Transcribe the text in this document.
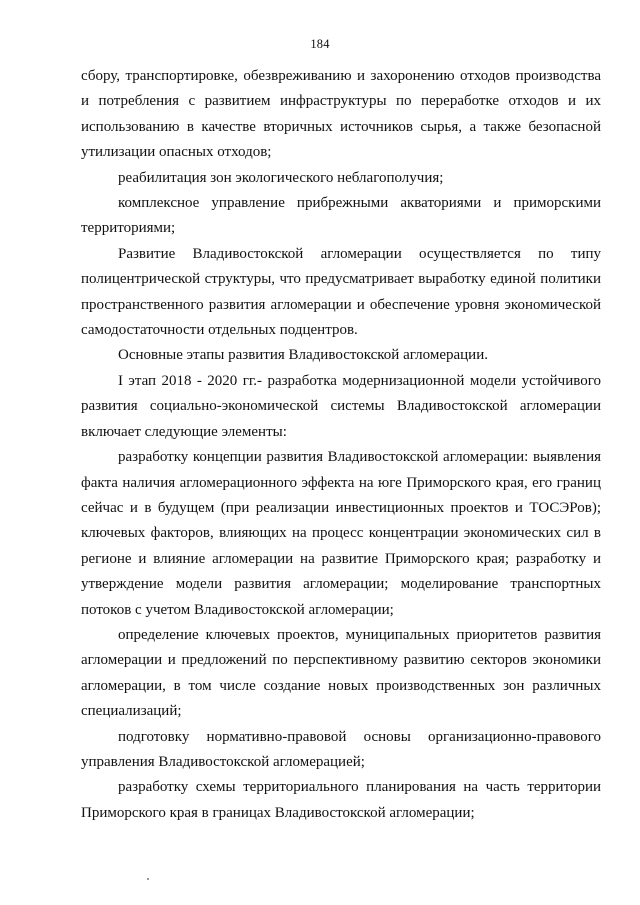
184

сбору, транспортировке, обезвреживанию и захоронению отходов производства и потребления с развитием инфраструктуры по переработке отходов и их использованию в качестве вторичных источников сырья, а также безопасной утилизации опасных отходов;

реабилитация зон экологического неблагополучия;

комплексное управление прибрежными акваториями и приморскими территориями;

Развитие Владивостокской агломерации осуществляется по типу полицентрической структуры, что предусматривает выработку единой политики пространственного развития агломерации и обеспечение уровня экономической самодостаточности отдельных подцентров.

Основные этапы развития Владивостокской агломерации.

I этап 2018 - 2020 гг.- разработка модернизационной модели устойчивого развития социально-экономической системы Владивостокской агломерации включает следующие элементы:

разработку концепции развития Владивостокской агломерации: выявления факта наличия агломерационного эффекта на юге Приморского края, его границ сейчас и в будущем (при реализации инвестиционных проектов и ТОСЭРов); ключевых факторов, влияющих на процесс концентрации экономических сил в регионе и влияние агломерации на развитие Приморского края; разработку и утверждение модели развития агломерации; моделирование транспортных потоков с учетом Владивостокской агломерации;

определение ключевых проектов, муниципальных приоритетов развития агломерации и предложений по перспективному развитию секторов экономики агломерации, в том числе создание новых производственных зон различных специализаций;

подготовку нормативно-правовой основы организационно-правового управления Владивостокской агломерацией;

разработку схемы территориального планирования на часть территории Приморского края в границах Владивостокской агломерации;
